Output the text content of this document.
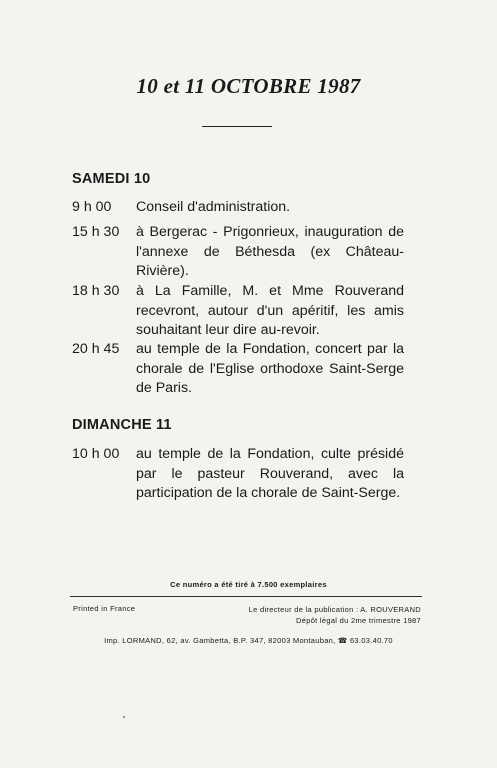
10 et 11 OCTOBRE 1987
SAMEDI 10
9 h 00	Conseil d'administration.
15 h 30	à Bergerac - Prigonrieux, inauguration de l'annexe de Béthesda (ex Château-Rivière).
18 h 30	à La Famille, M. et Mme Rouverand recevront, autour d'un apéritif, les amis souhaitant leur dire au-revoir.
20 h 45	au temple de la Fondation, concert par la chorale de l'Eglise orthodoxe Saint-Serge de Paris.
DIMANCHE 11
10 h 00	au temple de la Fondation, culte présidé par le pasteur Rouverand, avec la participation de la chorale de Saint-Serge.
Ce numéro a été tiré à 7.500 exemplaires
Printed in France	Le directeur de la publication : A. ROUVERAND
Dépôt légal du 2me trimestre 1987
Imp. LORMAND, 62, av. Gambetta, B.P. 347, 82003 Montauban, ☎ 63.03.40.70
